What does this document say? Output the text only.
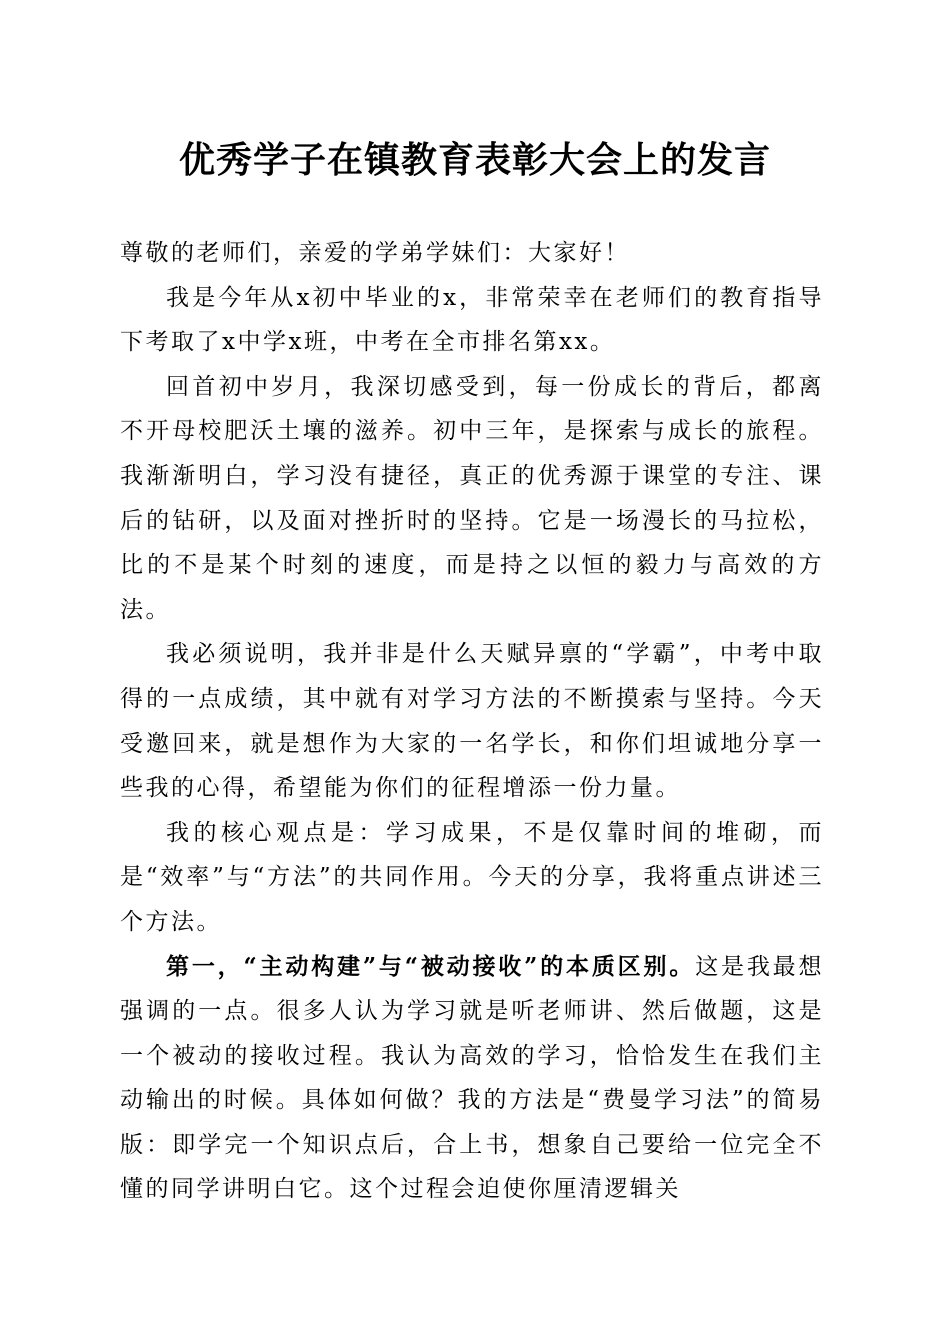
优秀学子在镇教育表彰大会上的发言

尊敬的老师们，亲爱的学弟学妹们：大家好！

我是今年从x初中毕业的x，非常荣幸在老师们的教育指导下考取了x中学x班，中考在全市排名第xx。

回首初中岁月，我深切感受到，每一份成长的背后，都离不开母校肥沃土壤的滋养。初中三年，是探索与成长的旅程。我渐渐明白，学习没有捷径，真正的优秀源于课堂的专注、课后的钻研，以及面对挫折时的坚持。它是一场漫长的马拉松，比的不是某个时刻的速度，而是持之以恒的毅力与高效的方法。

我必须说明，我并非是什么天赋异禀的“学霸”，中考中取得的一点成绩，其中就有对学习方法的不断摸索与坚持。今天受邀回来，就是想作为大家的一名学长，和你们坦诚地分享一些我的心得，希望能为你们的征程增添一份力量。

我的核心观点是：学习成果，不是仅靠时间的堆砌，而是“效率”与“方法”的共同作用。今天的分享，我将重点讲述三个方法。

第一，“主动构建”与“被动接收”的本质区别。这是我最想强调的一点。很多人认为学习就是听老师讲、然后做题，这是一个被动的接收过程。我认为高效的学习，恰恰发生在我们主动输出的时候。具体如何做？我的方法是“费曼学习法”的简易版：即学完一个知识点后，合上书，想象自己要给一位完全不懂的同学讲明白它。这个过程会迫使你厘清逻辑关
